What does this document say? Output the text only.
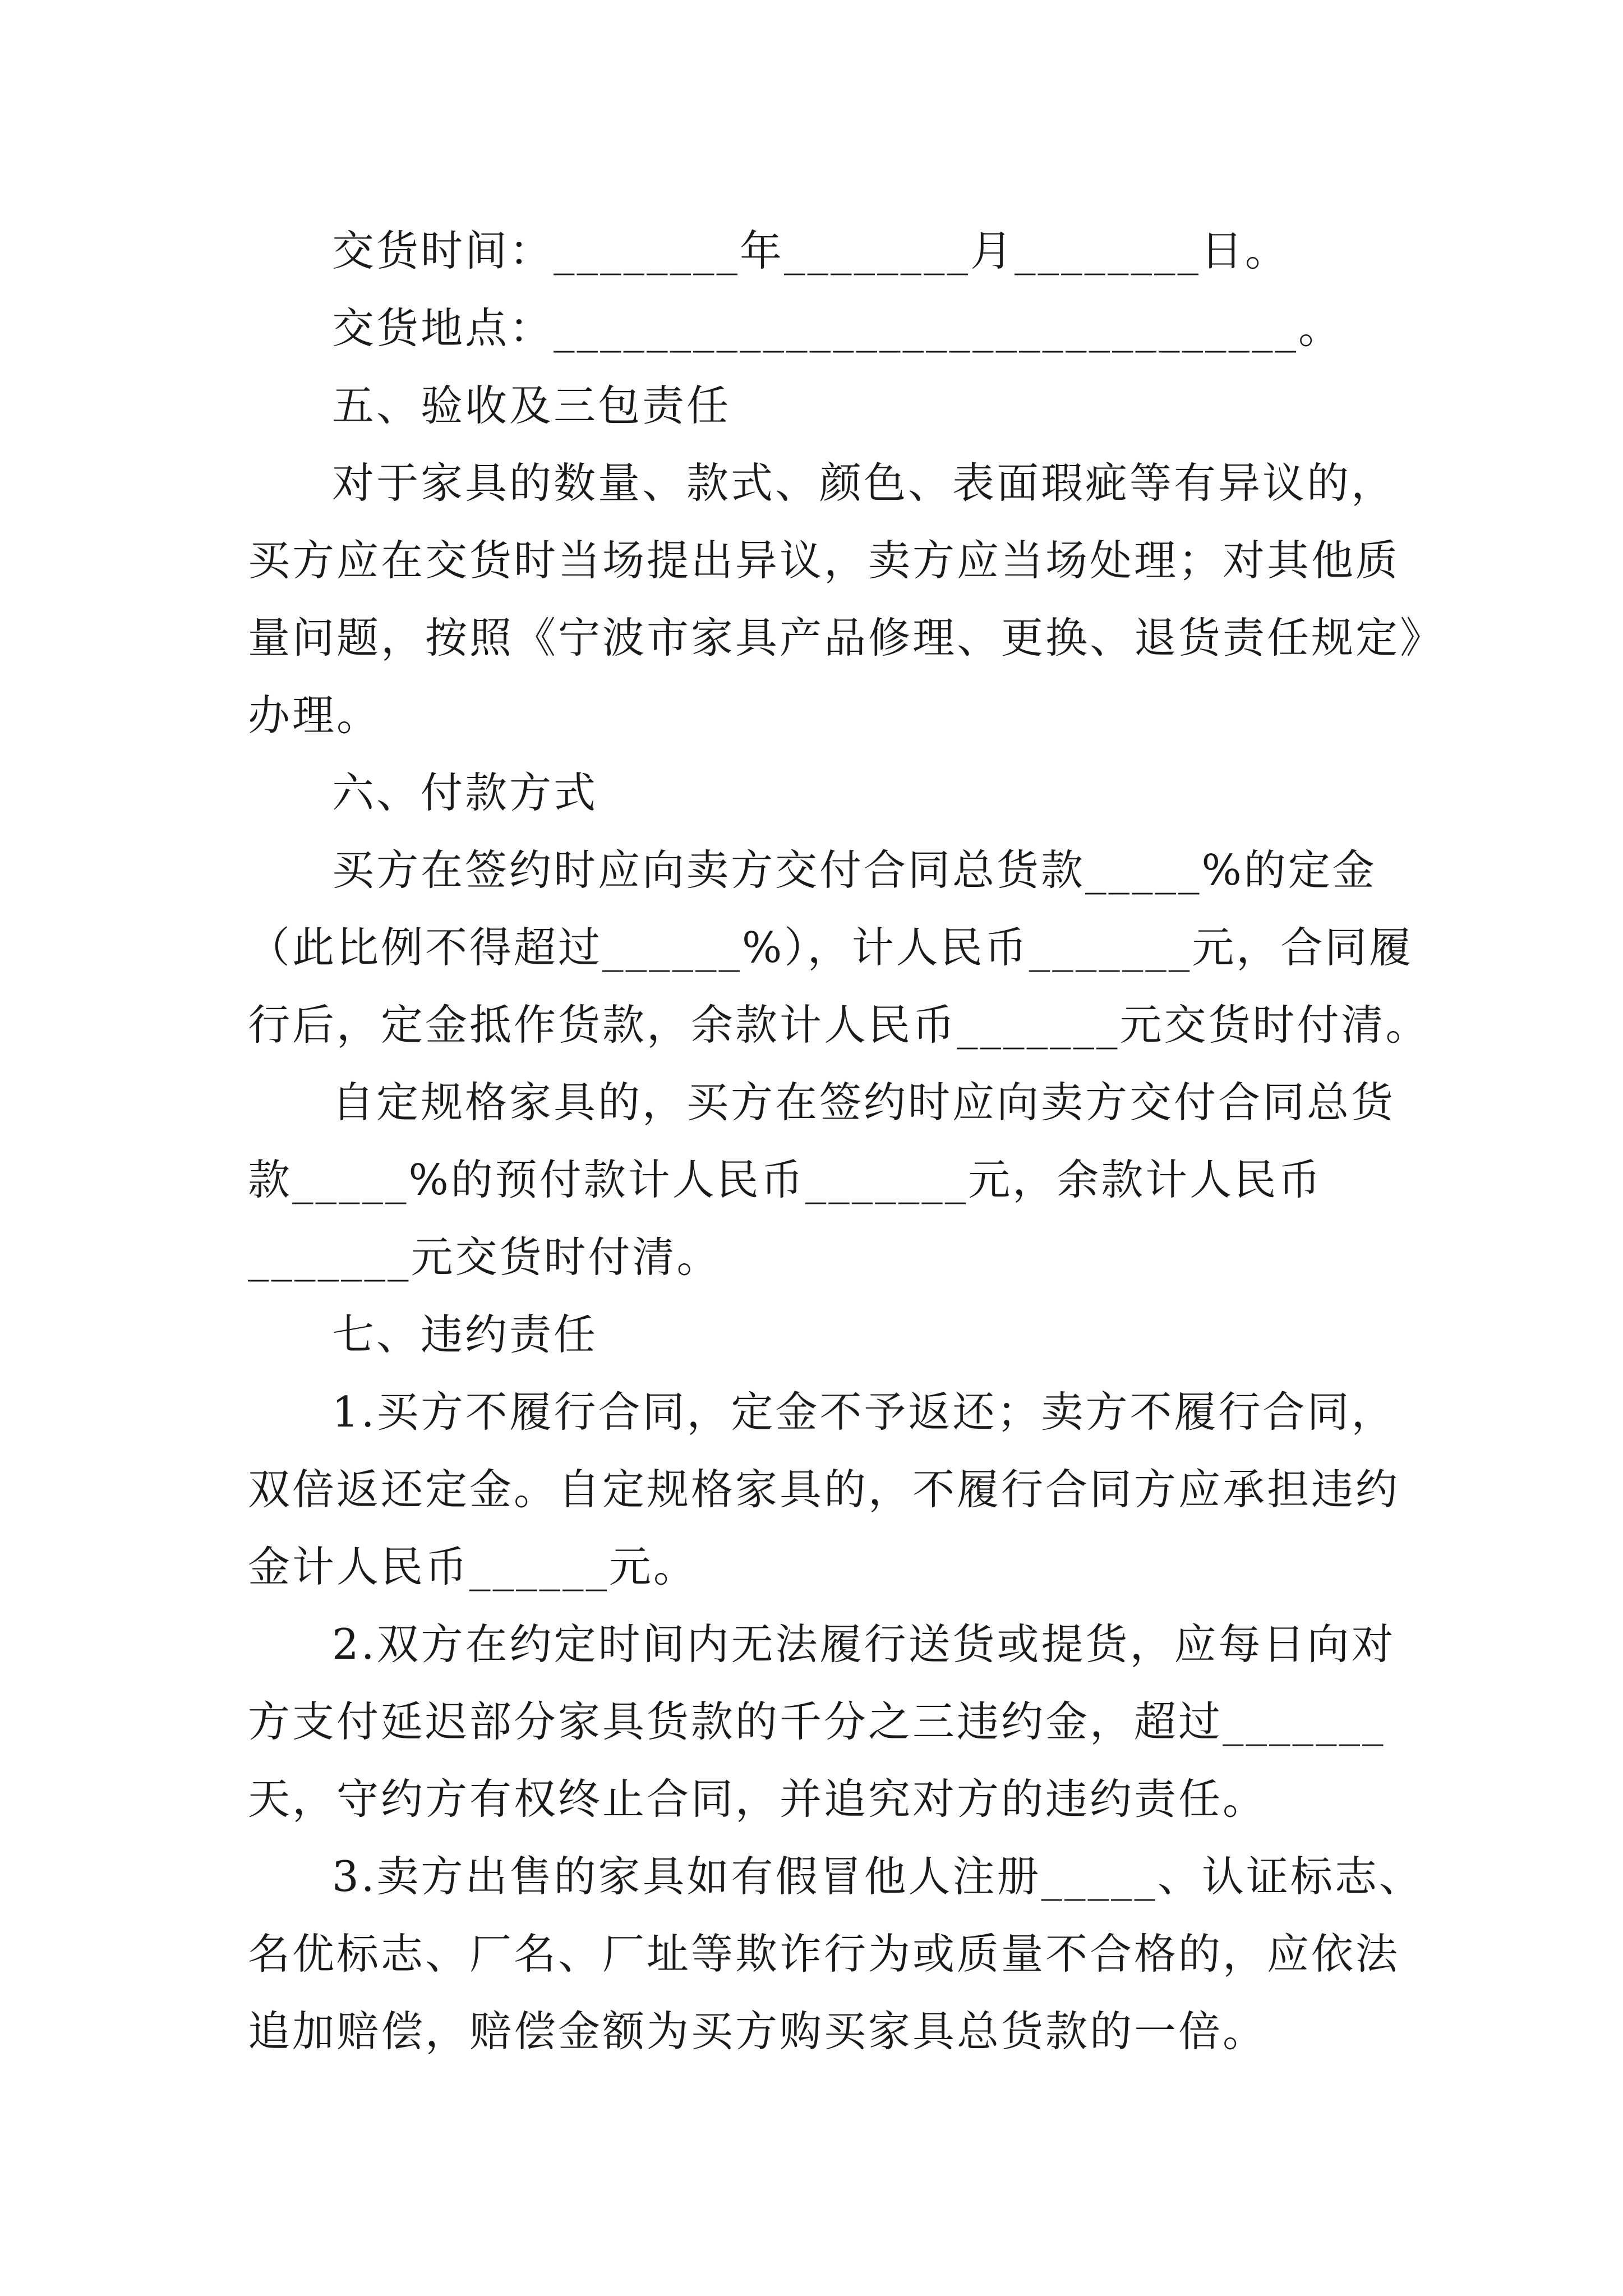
交货时间：________年________月________日。
交货地点：________________________________。
五、验收及三包责任
对于家具的数量、款式、颜色、表面瑕疵等有异议的，
买方应在交货时当场提出异议，卖方应当场处理；对其他质
量问题，按照《宁波市家具产品修理、更换、退货责任规定》
办理。
六、付款方式
买方在签约时应向卖方交付合同总货款_____%的定金
（此比例不得超过______%），计人民币_______元，合同履
行后，定金抵作货款，余款计人民币_______元交货时付清。
自定规格家具的，买方在签约时应向卖方交付合同总货
款_____%的预付款计人民币_______元，余款计人民币
_______元交货时付清。
七、违约责任
1.买方不履行合同，定金不予返还；卖方不履行合同，
双倍返还定金。自定规格家具的，不履行合同方应承担违约
金计人民币______元。
2.双方在约定时间内无法履行送货或提货，应每日向对
方支付延迟部分家具货款的千分之三违约金，超过_______
天，守约方有权终止合同，并追究对方的违约责任。
3.卖方出售的家具如有假冒他人注册_____、认证标志、
名优标志、厂名、厂址等欺诈行为或质量不合格的，应依法
追加赔偿，赔偿金额为买方购买家具总货款的一倍。
